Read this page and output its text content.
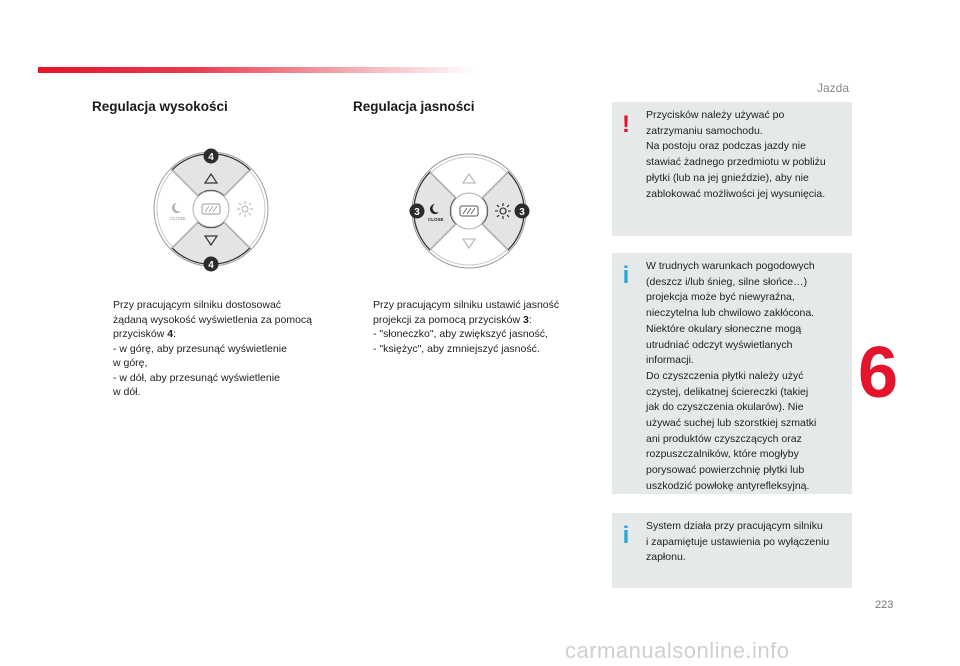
Jazda
Regulacja wysokości
CLOSE
4
4
Przy pracującym silniku dostosować
żądaną wysokość wyświetlenia za pomocą
przycisków 4:
- w górę, aby przesunąć wyświetlenie
w górę,
- w dół, aby przesunąć wyświetlenie
w dół.
Regulacja jasności
CLOSE
3	3
Przy pracującym silniku ustawić jasność
projekcji za pomocą przycisków 3:
- "słoneczko", aby zwiększyć jasność,
- "księżyc", aby zmniejszyć jasność.
! Przycisków należy używać po
zatrzymaniu samochodu.
Na postoju oraz podczas jazdy nie
stawiać żadnego przedmiotu w pobliżu
płytki (lub na jej gnieździe), aby nie
zablokować możliwości jej wysunięcia.
i W trudnych warunkach pogodowych
(deszcz i/lub śnieg, silne słońce…)
projekcja może być niewyraźna,
nieczytelna lub chwilowo zakłócona.
Niektóre okulary słoneczne mogą
utrudniać odczyt wyświetlanych
informacji.
Do czyszczenia płytki należy użyć
czystej, delikatnej ściereczki (takiej
jak do czyszczenia okularów). Nie
używać suchej lub szorstkiej szmatki
ani produktów czyszczących oraz
rozpuszczalników, które mogłyby
porysować powierzchnię płytki lub
uszkodzić powłokę antyrefleksyjną.
i System działa przy pracującym silniku
i zapamiętuje ustawienia po wyłączeniu
zapłonu.
6
223
carmanualsonline.info
